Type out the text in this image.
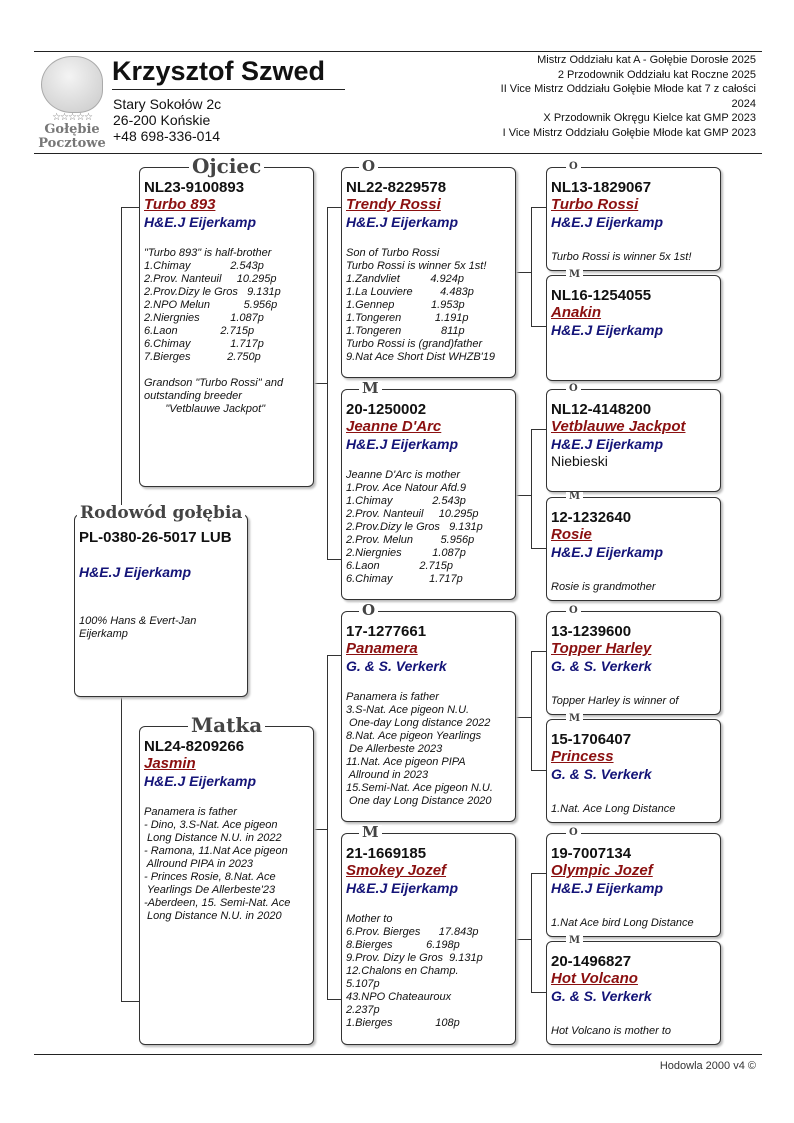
☆☆☆☆☆
Gołębie
Pocztowe
Krzysztof Szwed
Stary Sokołów 2c
26-200 Końskie
+48 698-336-014
Mistrz Oddziału kat A - Gołębie Dorosłe 2025
2 Przodownik Oddziału kat Roczne 2025
II Vice Mistrz Oddziału Gołębie Młode kat 7 z całości 2024
X Przodownik Okręgu Kielce kat GMP 2023
I Vice Mistrz Oddziału Gołębie Młode kat GMP 2023
PL-0380-26-5017 LUB
H&E.J Eijerkamp
100% Hans & Evert-Jan
Eijerkamp
Rodowód gołębia
NL23-9100893
Turbo 893
H&E.J Eijerkamp
"Turbo 893" is half-brother
1.Chimay             2.543p
2.Prov. Nanteuil     10.295p
2.Prov.Dizy le Gros   9.131p
2.NPO Melun           5.956p
2.Niergnies          1.087p
6.Laon              2.715p
6.Chimay             1.717p
7.Bierges            2.750p

Grandson "Turbo Rossi" and
outstanding breeder
"Vetblauwe Jackpot"
Ojciec
NL24-8209266
Jasmin
H&E.J Eijerkamp
Panamera is father
- Dino, 3.S-Nat. Ace pigeon
Long Distance N.U. in 2022
- Ramona, 11.Nat Ace pigeon
Allround PIPA in 2023
- Princes Rosie, 8.Nat. Ace
Yearlings De Allerbeste'23
-Aberdeen, 15. Semi-Nat. Ace
Long Distance N.U. in 2020
Matka
NL22-8229578
Trendy Rossi
H&E.J Eijerkamp
Son of Turbo Rossi
Turbo Rossi is winner 5x 1st!
1.Zandvliet          4.924p
1.La Louviere         4.483p
1.Gennep            1.953p
1.Tongeren           1.191p
1.Tongeren             811p
Turbo Rossi is (grand)father
9.Nat Ace Short Dist WHZB'19
O
20-1250002
Jeanne D'Arc
H&E.J Eijerkamp
Jeanne D'Arc is mother
1.Prov. Ace Natour Afd.9
1.Chimay             2.543p
2.Prov. Nanteuil     10.295p
2.Prov.Dizy le Gros   9.131p
2.Prov. Melun         5.956p
2.Niergnies          1.087p
6.Laon             2.715p
6.Chimay            1.717p
M
17-1277661
Panamera
G. & S. Verkerk
Panamera is father
3.S-Nat. Ace pigeon N.U.
One-day Long distance 2022
8.Nat. Ace pigeon Yearlings
De Allerbeste 2023
11.Nat. Ace pigeon PIPA
Allround in 2023
15.Semi-Nat. Ace pigeon N.U.
One day Long Distance 2020
O
21-1669185
Smokey Jozef
H&E.J Eijerkamp
Mother to
6.Prov. Bierges      17.843p
8.Bierges           6.198p
9.Prov. Dizy le Gros  9.131p
12.Chalons en Champ.
5.107p
43.NPO Chateauroux
2.237p
1.Bierges              108p
M
NL13-1829067
Turbo Rossi
H&E.J Eijerkamp
Turbo Rossi is winner 5x 1st!
O
NL16-1254055
Anakin
H&E.J Eijerkamp
M
NL12-4148200
Vetblauwe Jackpot
H&E.J Eijerkamp
Niebieski
O
12-1232640
Rosie
H&E.J Eijerkamp
Rosie is grandmother
M
13-1239600
Topper Harley
G. & S. Verkerk
Topper Harley is winner of
O
15-1706407
Princess
G. & S. Verkerk
1.Nat. Ace Long Distance
M
19-7007134
Olympic Jozef
H&E.J Eijerkamp
1.Nat Ace bird Long Distance
O
20-1496827
Hot Volcano
G. & S. Verkerk
Hot Volcano is mother to
M
Hodowla 2000 v4 ©
